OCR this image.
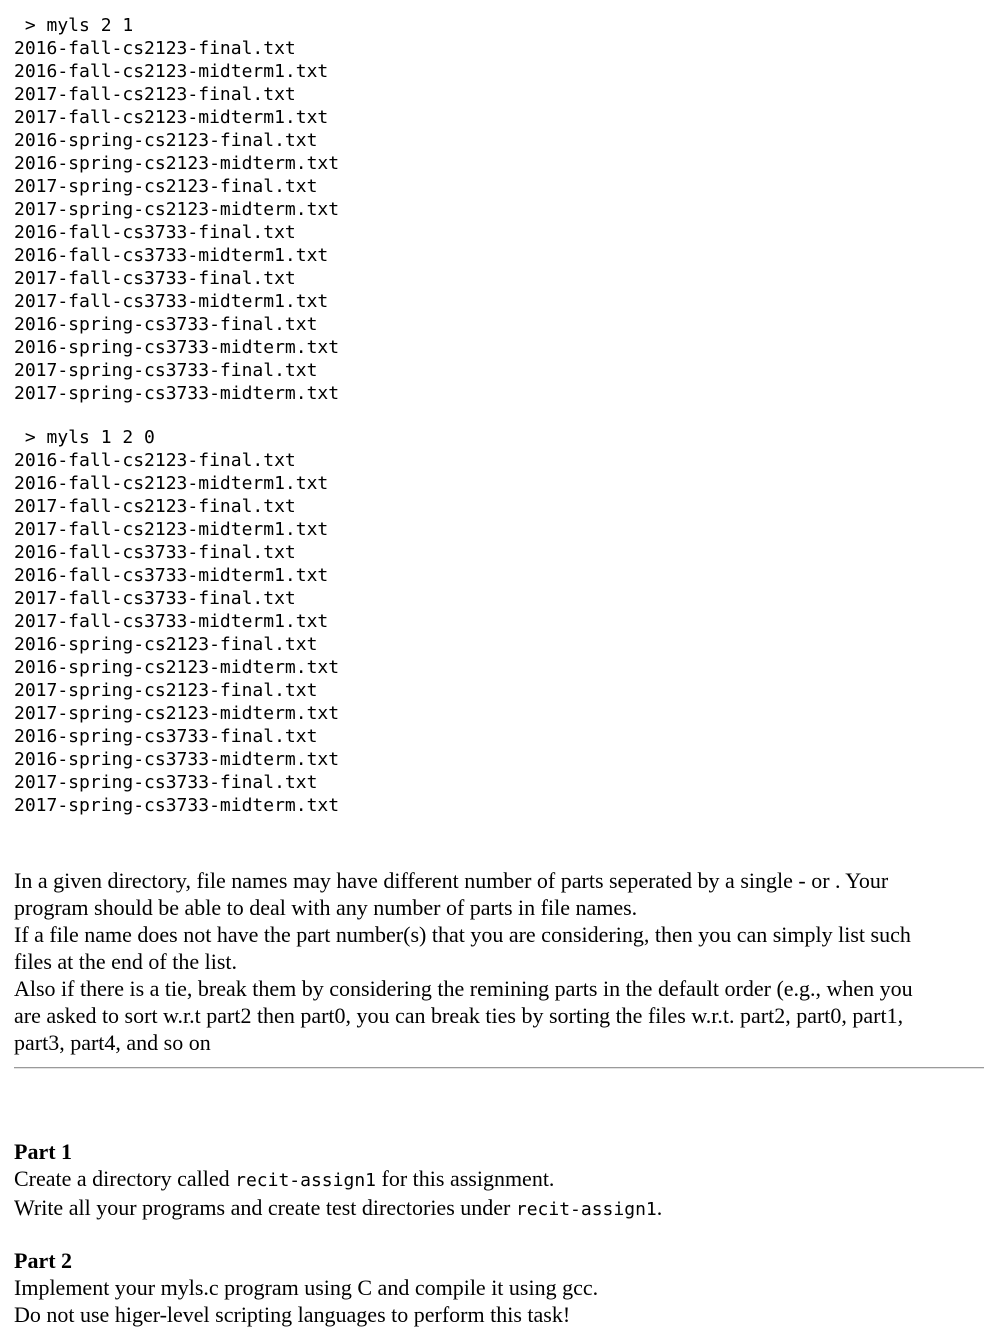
> myls 2 1
2016-fall-cs2123-final.txt
2016-fall-cs2123-midterm1.txt
2017-fall-cs2123-final.txt
2017-fall-cs2123-midterm1.txt
2016-spring-cs2123-final.txt
2016-spring-cs2123-midterm.txt
2017-spring-cs2123-final.txt
2017-spring-cs2123-midterm.txt
2016-fall-cs3733-final.txt
2016-fall-cs3733-midterm1.txt
2017-fall-cs3733-final.txt
2017-fall-cs3733-midterm1.txt
2016-spring-cs3733-final.txt
2016-spring-cs3733-midterm.txt
2017-spring-cs3733-final.txt
2017-spring-cs3733-midterm.txt
> myls 1 2 0
2016-fall-cs2123-final.txt
2016-fall-cs2123-midterm1.txt
2017-fall-cs2123-final.txt
2017-fall-cs2123-midterm1.txt
2016-fall-cs3733-final.txt
2016-fall-cs3733-midterm1.txt
2017-fall-cs3733-final.txt
2017-fall-cs3733-midterm1.txt
2016-spring-cs2123-final.txt
2016-spring-cs2123-midterm.txt
2017-spring-cs2123-final.txt
2017-spring-cs2123-midterm.txt
2016-spring-cs3733-final.txt
2016-spring-cs3733-midterm.txt
2017-spring-cs3733-final.txt
2017-spring-cs3733-midterm.txt
In a given directory, file names may have different number of parts seperated by a single - or . Your
program should be able to deal with any number of parts in file names.
If a file name does not have the part number(s) that you are considering, then you can simply list such
files at the end of the list.
Also if there is a tie, break them by considering the remining parts in the default order (e.g., when you
are asked to sort w.r.t part2 then part0, you can break ties by sorting the files w.r.t. part2, part0, part1,
part3, part4, and so on
Part 1
Create a directory called recit-assign1 for this assignment.
Write all your programs and create test directories under recit-assign1.
Part 2
Implement your myls.c program using C and compile it using gcc.
Do not use higer-level scripting languages to perform this task!
